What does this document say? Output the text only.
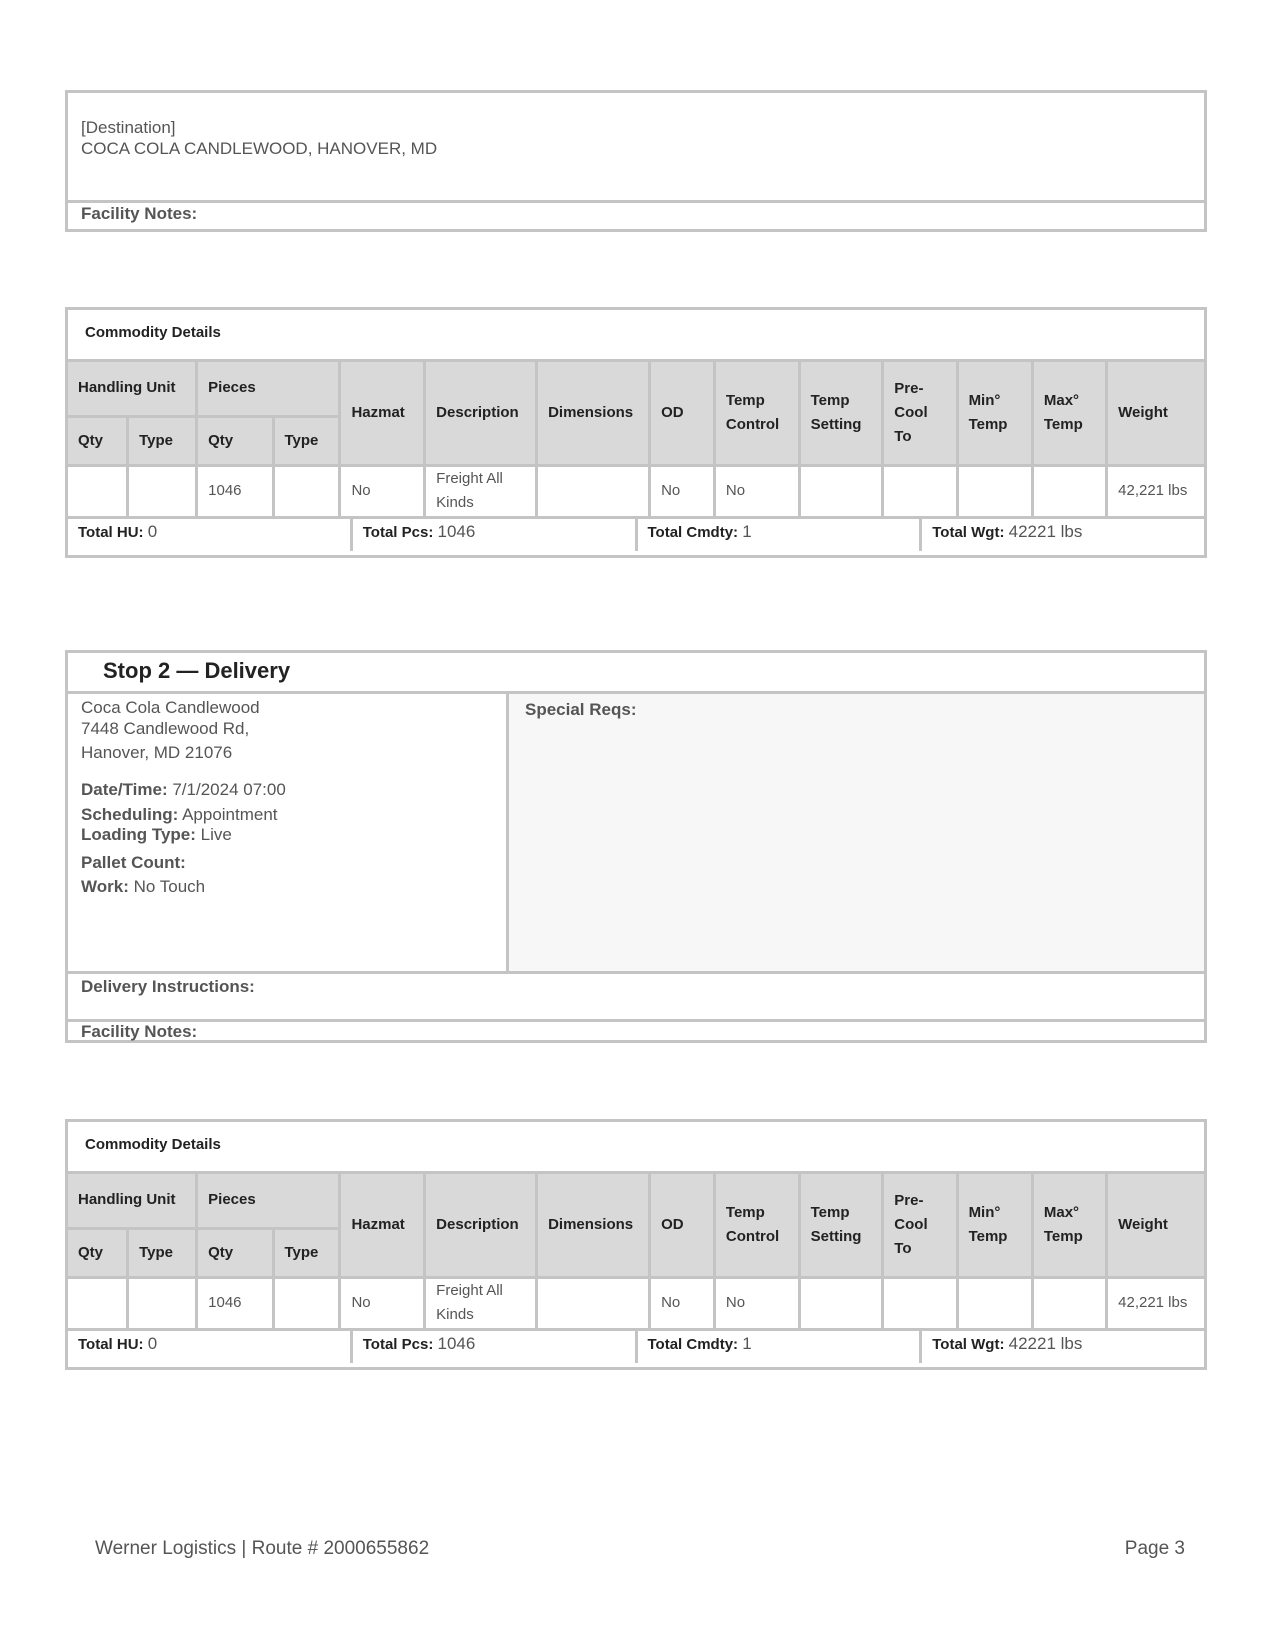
[Destination]
COCA COLA CANDLEWOOD, HANOVER, MD
Facility Notes:
Commodity Details
Handling Unit		Pieces		Hazmat	Description	Dimensions	OD	Temp Control	Temp Setting	Pre-Cool To	Min° Temp	Max° Temp	Weight
Qty	Type	Qty	Type										
		1046		No	Freight All Kinds		No	No					42,221 lbs
Total HU: 0	Total Pcs: 1046	Total Cmdty: 1	Total Wgt: 42221 lbs
Stop 2 — Delivery
Coca Cola Candlewood
7448 Candlewood Rd,
Hanover, MD 21076
Date/Time: 7/1/2024 07:00
Scheduling: Appointment
Loading Type: Live
Pallet Count:
Work: No Touch
Special Reqs:
Delivery Instructions:
Facility Notes:
Commodity Details
Handling Unit		Pieces		Hazmat	Description	Dimensions	OD	Temp Control	Temp Setting	Pre-Cool To	Min° Temp	Max° Temp	Weight
Qty	Type	Qty	Type										
		1046		No	Freight All Kinds		No	No					42,221 lbs
Total HU: 0	Total Pcs: 1046	Total Cmdty: 1	Total Wgt: 42221 lbs
Werner Logistics | Route # 2000655862	Page 3
